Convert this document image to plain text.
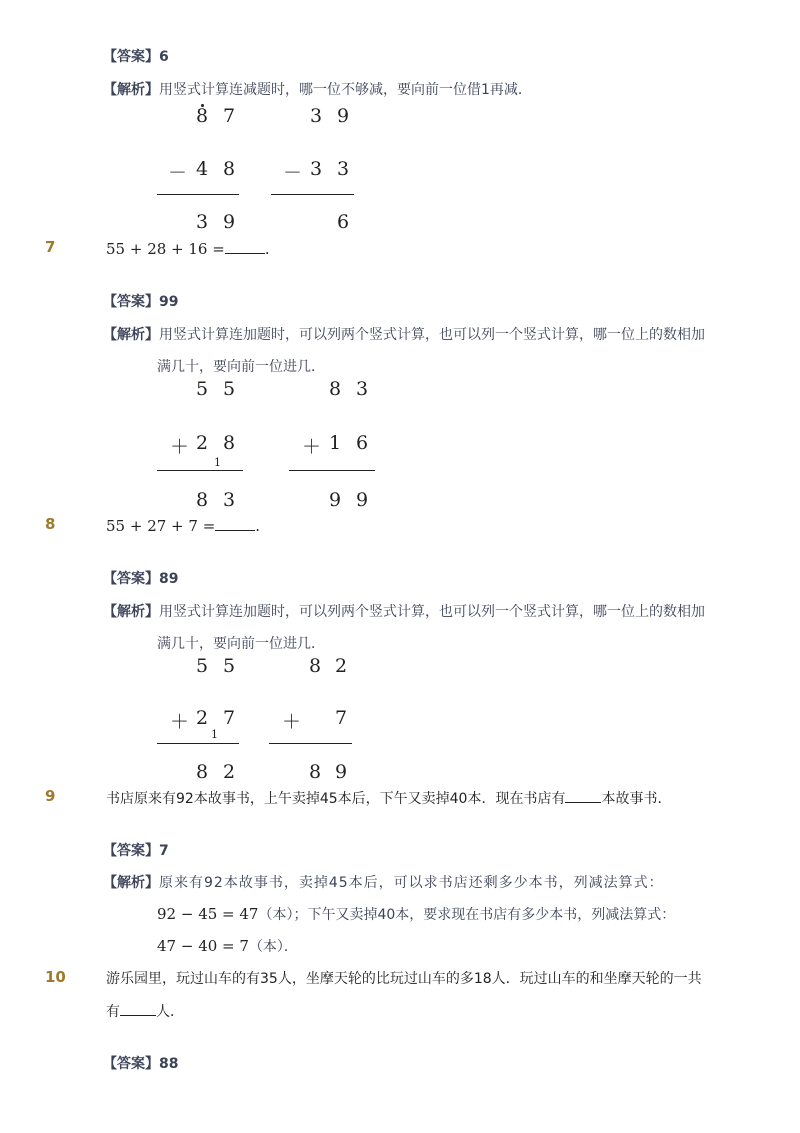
【答案】6
【解析】用竖式计算连减题时，哪一位不够减，要向前一位借1再减．
8 7
－ 4 8
3 9
3 9
－ 3 3
6
7	55 + 28 + 16 =	.
【答案】99
【解析】用竖式计算连加题时，可以列两个竖式计算，也可以列一个竖式计算，哪一位上的数相加
满几十，要向前一位进几．
5 5
＋ 2 8
1
8 3
8 3
＋ 1 6
9 9
8	55 + 27 + 7 =	.
【答案】89
【解析】用竖式计算连加题时，可以列两个竖式计算，也可以列一个竖式计算，哪一位上的数相加
满几十，要向前一位进几．
5 5
＋ 2 7
1
8 2
8 2
＋ 7
8 9
9	书店原来有92本故事书，上午卖掉45本后，下午又卖掉40本．现在书店有	本故事书．
【答案】7
【解析】原来有92本故事书，卖掉45本后，可以求书店还剩多少本书，列减法算式：
92 − 45 = 47（本）；下午又卖掉40本，要求现在书店有多少本书，列减法算式：
47 − 40 = 7（本）．
10	游乐园里，玩过山车的有35人，坐摩天轮的比玩过山车的多18人．玩过山车的和坐摩天轮的一共
有	人．
【答案】88
